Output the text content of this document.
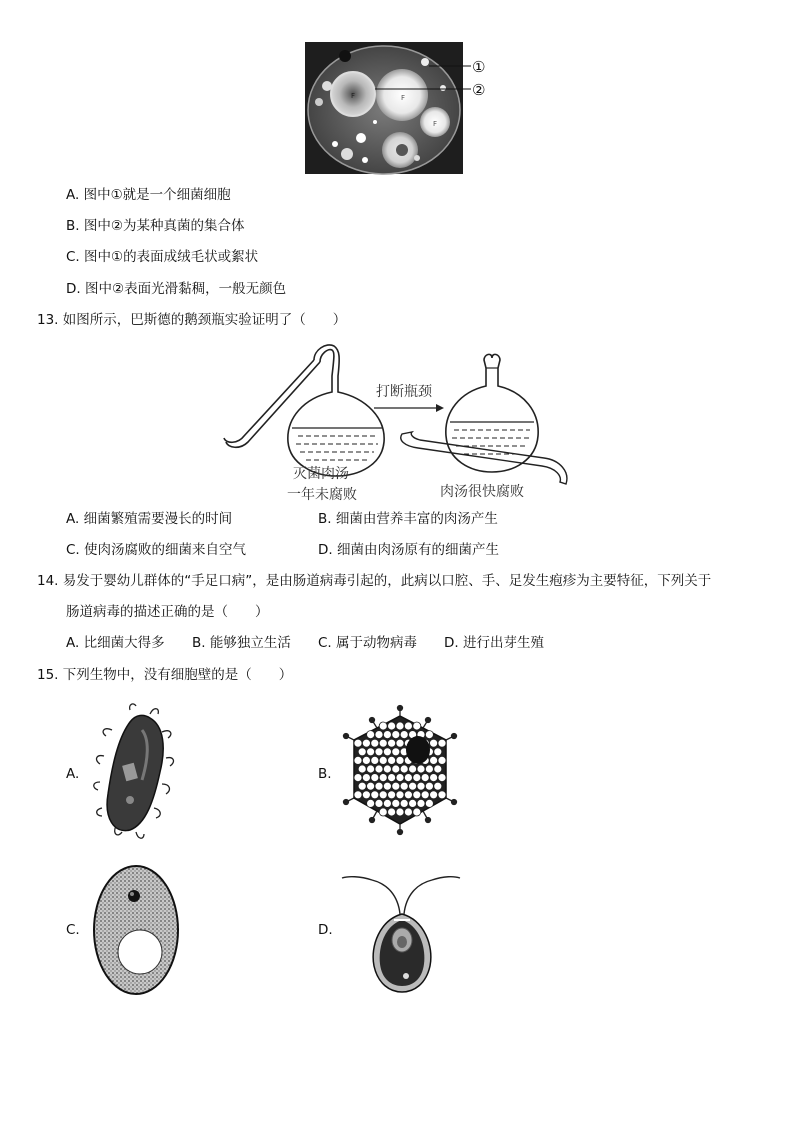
F	F
F
①
②
A. 图中①就是一个细菌细胞
B. 图中②为某种真菌的集合体
C. 图中①的表面成绒毛状或絮状
D. 图中②表面光滑黏稠，一般无颜色
13. 如图所示，巴斯德的鹅颈瓶实验证明了（　　）
打断瓶颈
灭菌肉汤
一年未腐败	肉汤很快腐败
A. 细菌繁殖需要漫长的时间	B. 细菌由营养丰富的肉汤产生
C. 使肉汤腐败的细菌来自空气	D. 细菌由肉汤原有的细菌产生
14. 易发于婴幼儿群体的“手足口病”，是由肠道病毒引起的，此病以口腔、手、足发生疱疹为主要特征，下列关于
肠道病毒的描述正确的是（　　）
A. 比细菌大得多 B. 能够独立生活 C. 属于动物病毒 D. 进行出芽生殖
15. 下列生物中，没有细胞壁的是（　　）
A.	B.
C.	D.
